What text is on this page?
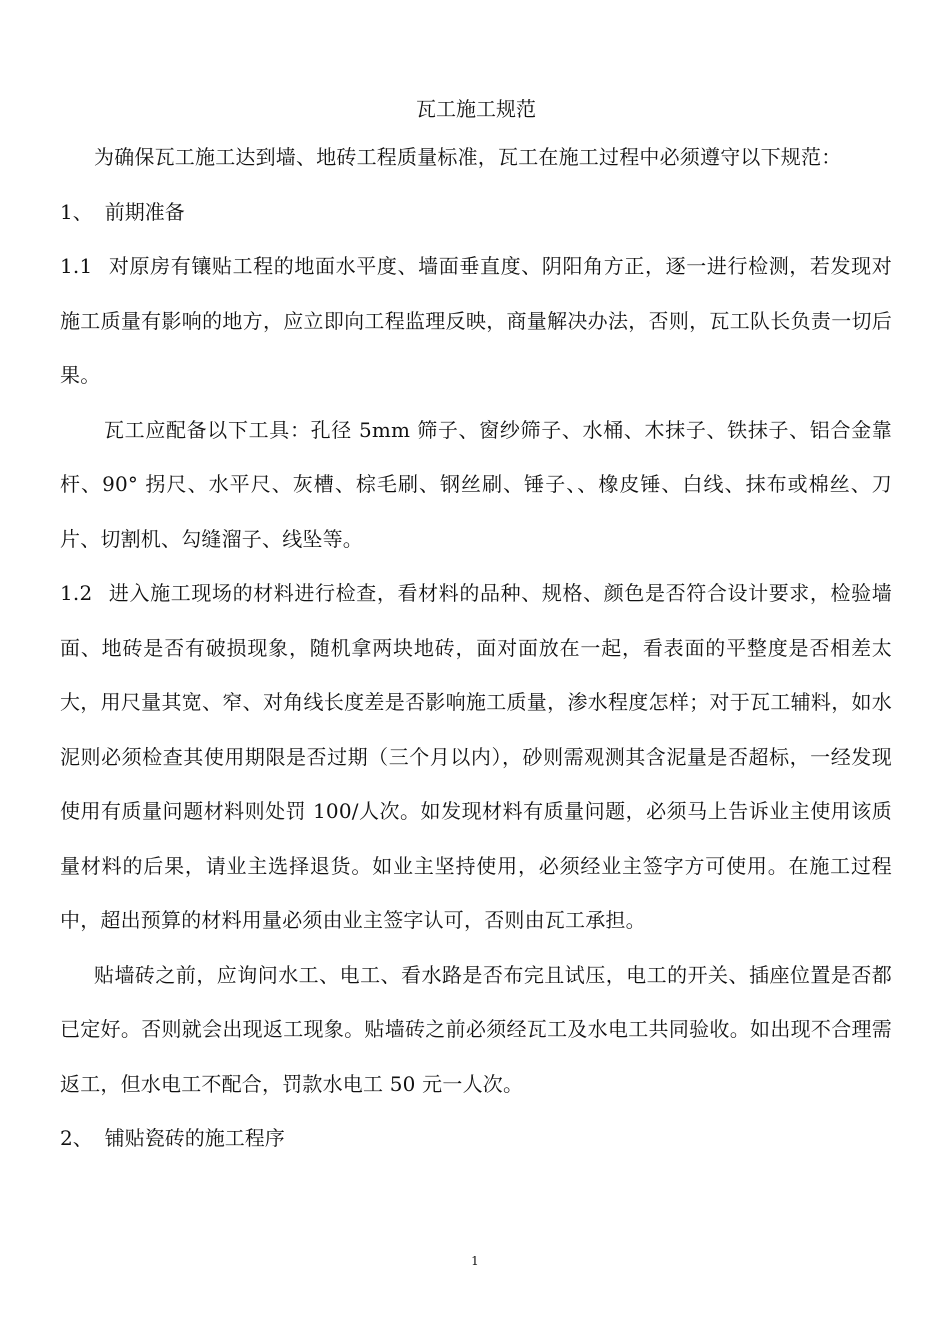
瓦工施工规范

为确保瓦工施工达到墙、地砖工程质量标准，瓦工在施工过程中必须遵守以下规范：

1、 前期准备

1.1 对原房有镶贴工程的地面水平度、墙面垂直度、阴阳角方正，逐一进行检测，若发现对施工质量有影响的地方，应立即向工程监理反映，商量解决办法，否则，瓦工队长负责一切后果。

瓦工应配备以下工具：孔径 5mm 筛子、窗纱筛子、水桶、木抹子、铁抹子、铝合金靠杆、90° 拐尺、水平尺、灰槽、棕毛刷、钢丝刷、锤子、、橡皮锤、白线、抹布或棉丝、刀片、切割机、勾缝溜子、线坠等。

1.2 进入施工现场的材料进行检查，看材料的品种、规格、颜色是否符合设计要求，检验墙面、地砖是否有破损现象，随机拿两块地砖，面对面放在一起，看表面的平整度是否相差太大，用尺量其宽、窄、对角线长度差是否影响施工质量，渗水程度怎样；对于瓦工辅料，如水泥则必须检查其使用期限是否过期（三个月以内），砂则需观测其含泥量是否超标，一经发现使用有质量问题材料则处罚 100/人次。如发现材料有质量问题，必须马上告诉业主使用该质量材料的后果，请业主选择退货。如业主坚持使用，必须经业主签字方可使用。在施工过程中，超出预算的材料用量必须由业主签字认可，否则由瓦工承担。

贴墙砖之前，应询问水工、电工、看水路是否布完且试压，电工的开关、插座位置是否都已定好。否则就会出现返工现象。贴墙砖之前必须经瓦工及水电工共同验收。如出现不合理需返工，但水电工不配合，罚款水电工 50 元一人次。

2、 铺贴瓷砖的施工程序

1
